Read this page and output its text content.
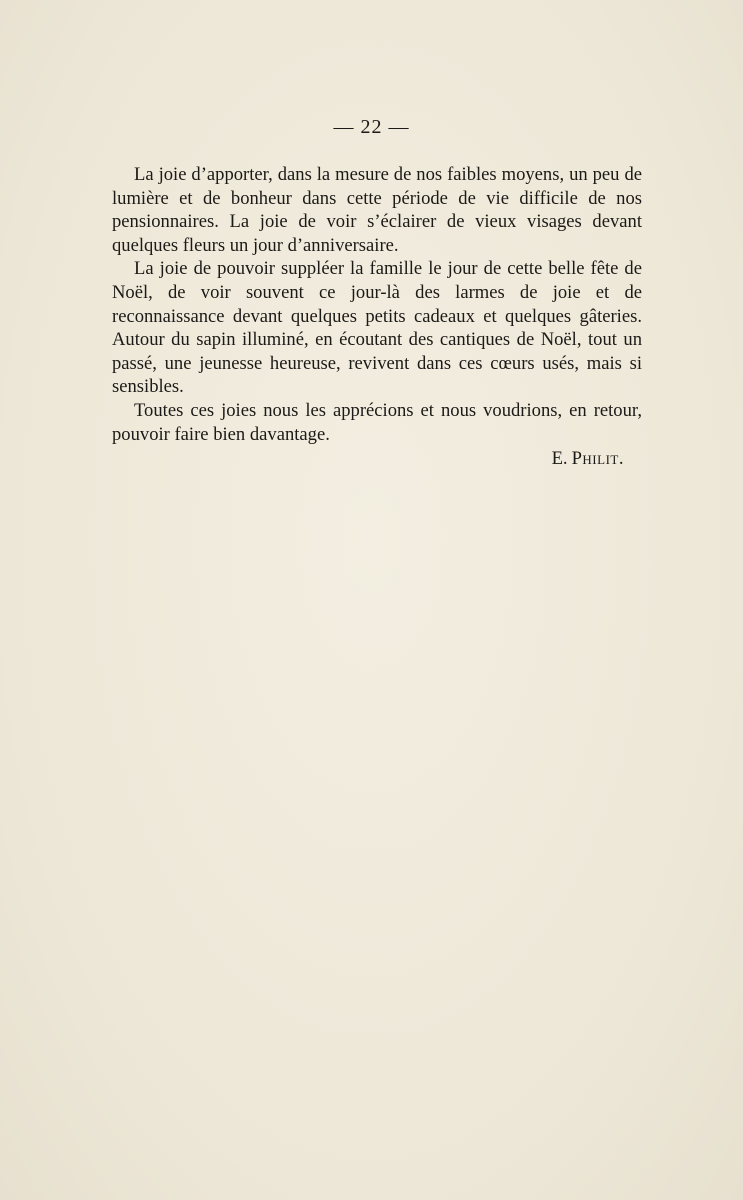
— 22 —

La joie d’apporter, dans la mesure de nos faibles moyens, un peu de lumière et de bonheur dans cette période de vie difficile de nos pensionnaires. La joie de voir s’éclairer de vieux visages devant quelques fleurs un jour d’anniversaire.

La joie de pouvoir suppléer la famille le jour de cette belle fête de Noël, de voir souvent ce jour-là des larmes de joie et de reconnaissance devant quelques petits cadeaux et quelques gâteries. Autour du sapin illuminé, en écoutant des cantiques de Noël, tout un passé, une jeunesse heureuse, revivent dans ces cœurs usés, mais si sensibles.

Toutes ces joies nous les apprécions et nous voudrions, en retour, pouvoir faire bien davantage.

E. Philit.
